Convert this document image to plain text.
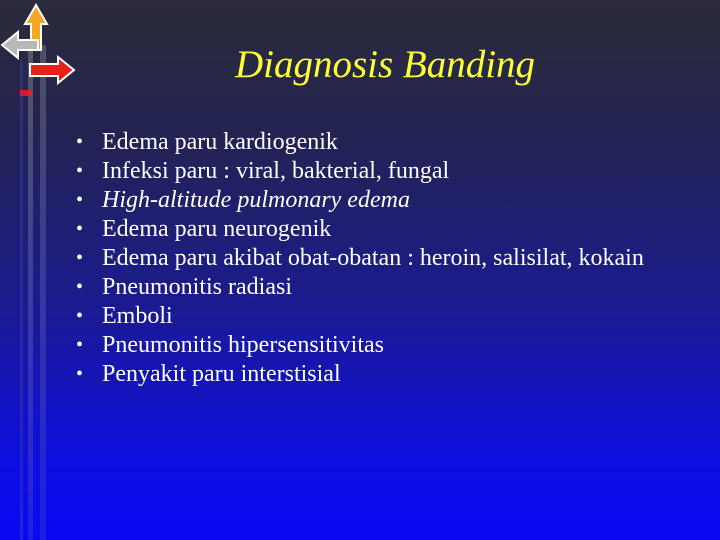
Diagnosis Banding
• Edema paru kardiogenik
• Infeksi paru : viral, bakterial, fungal
• High-altitude pulmonary edema
• Edema paru neurogenik
• Edema paru akibat obat-obatan : heroin, salisilat, kokain
• Pneumonitis radiasi
• Emboli
• Pneumonitis hipersensitivitas
• Penyakit paru interstisial
